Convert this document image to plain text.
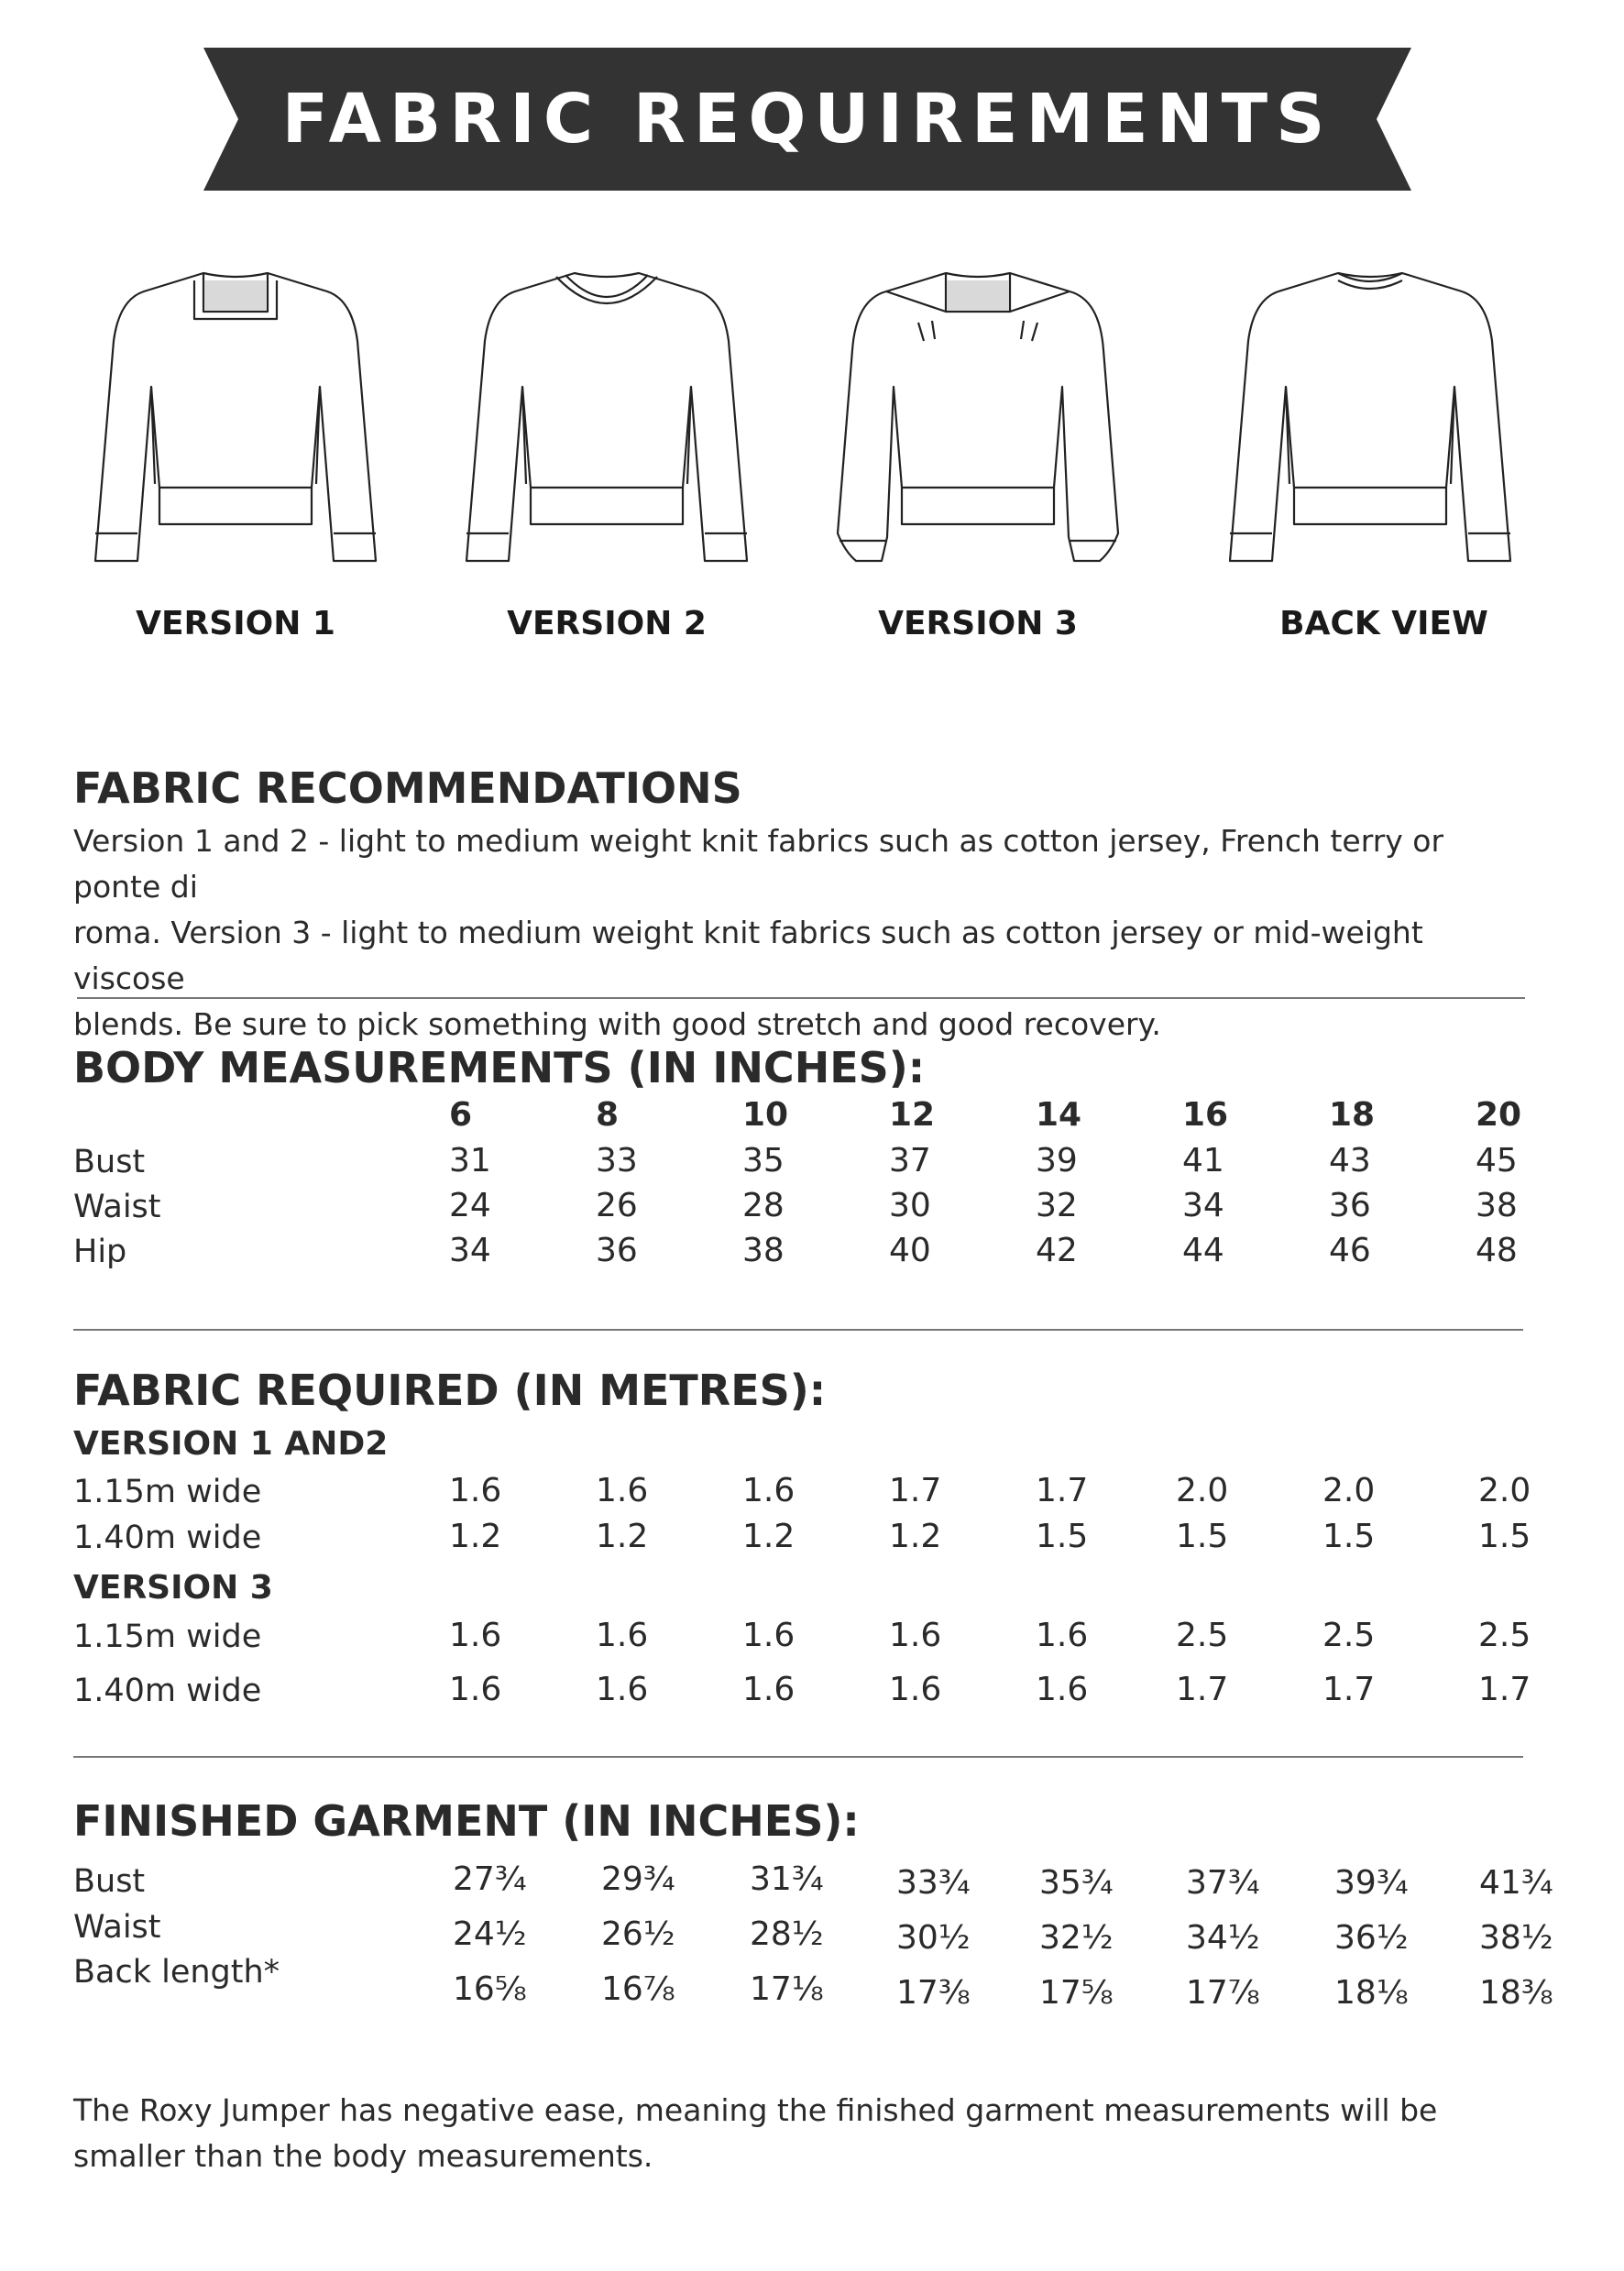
FABRIC REQUIREMENTS
VERSION 1	VERSION 2	VERSION 3	BACK VIEW
FABRIC RECOMMENDATIONS
Version 1 and 2 - light to medium weight knit fabrics such as cotton jersey, French terry or ponte di
roma. Version 3 - light to medium weight knit fabrics such as cotton jersey or mid-weight viscose
blends. Be sure to pick something with good stretch and good recovery.
BODY MEASUREMENTS (IN INCHES):
6	8	10	12	14	16	18	20
Bust	31	33	35	37	39	41	43	45
Waist	24	26	28	30	32	34	36	38
Hip	34	36	38	40	42	44	46	48
FABRIC REQUIRED (IN METRES):
VERSION 1 AND2
1.15m wide	1.6	1.6	1.6	1.7	1.7	2.0	2.0	2.0
1.40m wide	1.2	1.2	1.2	1.2	1.5	1.5	1.5	1.5
VERSION 3
1.15m wide	1.6	1.6	1.6	1.6	1.6	2.5	2.5	2.5
1.40m wide	1.6	1.6	1.6	1.6	1.6	1.7	1.7	1.7
FINISHED GARMENT (IN INCHES):
Bust	27¾	29¾	31¾	33¾	35¾	37¾	39¾	41¾
Waist	24½	26½	28½	30½	32½	34½	36½	38½
Back length*	16⅝	16⅞	17⅛	17⅜	17⅝	17⅞	18⅛	18⅜
The Roxy Jumper has negative ease, meaning the finished garment measurements will be
smaller than the body measurements.
